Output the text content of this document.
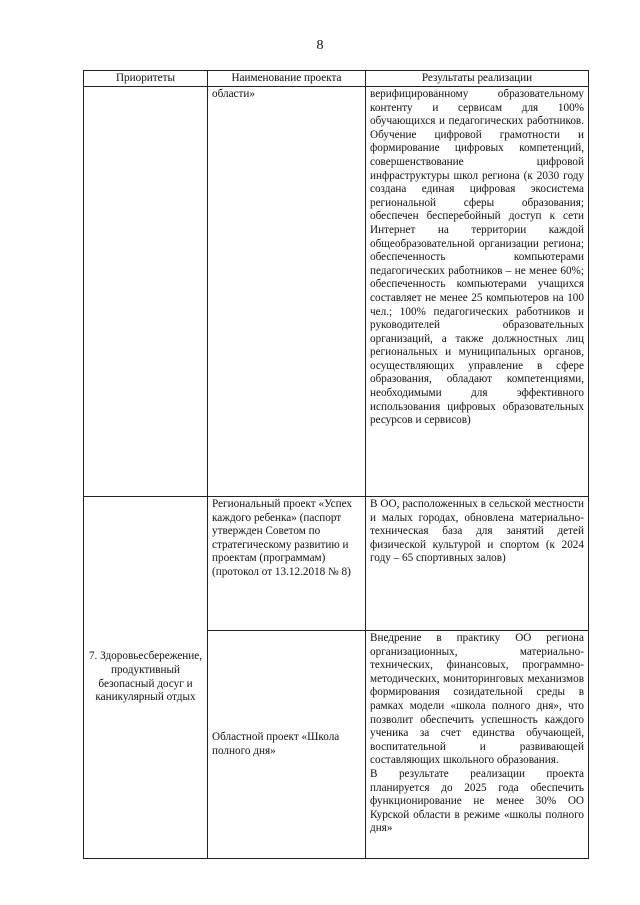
8
Приоритеты	Наименование проекта	Результаты реализации
	области»	верифицированному образовательному контенту и сервисам для 100% обучающихся и педагогических работников. Обучение цифровой грамотности и формирование цифровых компетенций, совершенствование цифровой инфраструктуры школ региона (к 2030 году создана единая цифровая экосистема региональной сферы образования; обеспечен бесперебойный доступ к сети Интернет на территории каждой общеобразовательной организации региона; обеспеченность компьютерами педагогических работников – не менее 60%; обеспеченность компьютерами учащихся составляет не менее 25 компьютеров на 100 чел.; 100% педагогических работников и руководителей образовательных организаций, а также должностных лиц региональных и муниципальных органов, осуществляющих управление в сфере образования, обладают компетенциями, необходимыми для эффективного использования цифровых образовательных ресурсов и сервисов)
7. Здоровьесбережение, продуктивный безопасный досуг и каникулярный отдых	Региональный проект «Успех каждого ребенка» (паспорт утвержден Советом по стратегическому развитию и проектам (программам) (протокол от 13.12.2018 № 8)	В ОО, расположенных в сельской местности и малых городах, обновлена материально-техническая база для занятий детей физической культурой и спортом (к 2024 году – 65 спортивных залов)
	Областной проект «Школа полного дня»	Внедрение в практику ОО региона организационных, материально-технических, финансовых, программно-методических, мониторинговых механизмов формирования созидательной среды в рамках модели «школа полного дня», что позволит обеспечить успешность каждого ученика за счет единства обучающей, воспитательной и развивающей составляющих школьного образования.

В результате реализации проекта планируется до 2025 года обеспечить функционирование не менее 30% ОО Курской области в режиме «школы полного дня»
